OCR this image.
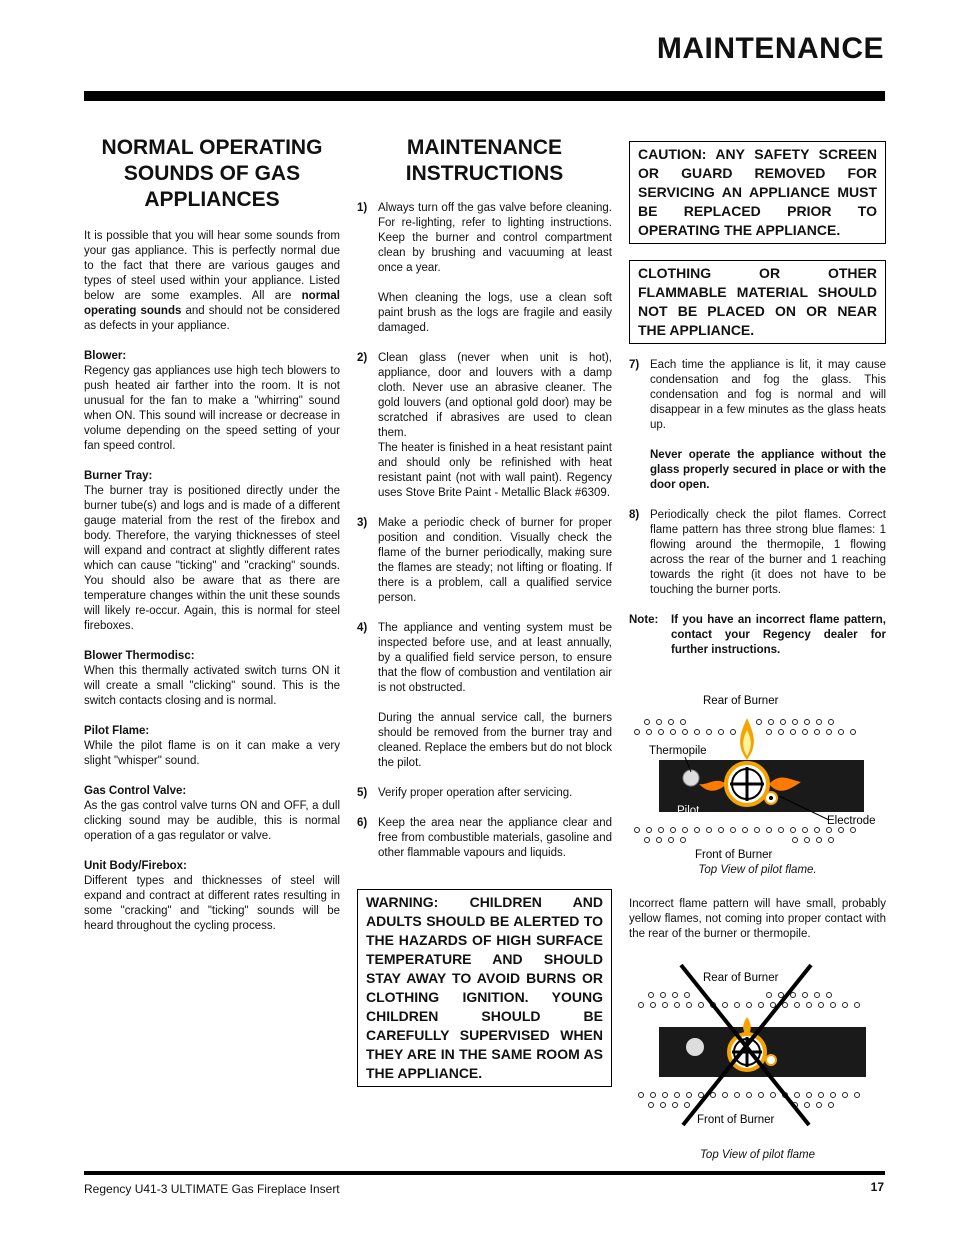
MAINTENANCE
NORMAL OPERATING SOUNDS OF GAS APPLIANCES

It is possible that you will hear some sounds from your gas appliance. This is perfectly normal due to the fact that there are various gauges and types of steel used within your appliance. Listed below are some examples. All are normal operating sounds and should not be considered as defects in your appliance.

Blower:

Regency gas appliances use high tech blowers to push heated air farther into the room. It is not unusual for the fan to make a "whirring" sound when ON. This sound will increase or decrease in volume depending on the speed setting of your fan speed control.

Burner Tray:

The burner tray is positioned directly under the burner tube(s) and logs and is made of a different gauge material from the rest of the firebox and body. Therefore, the varying thicknesses of steel will expand and contract at slightly different rates which can cause "ticking" and "cracking" sounds. You should also be aware that as there are temperature changes within the unit these sounds will likely re-occur. Again, this is normal for steel fireboxes.

Blower Thermodisc:

When this thermally activated switch turns ON it will create a small "clicking" sound. This is the switch contacts closing and is normal.

Pilot Flame:

While the pilot flame is on it can make a very slight "whisper" sound.

Gas Control Valve:

As the gas control valve turns ON and OFF, a dull clicking sound may be audible, this is normal operation of a gas regulator or valve.

Unit Body/Firebox:

Different types and thicknesses of steel will expand and contract at different rates resulting in some "cracking" and "ticking" sounds will be heard throughout the cycling process.

MAINTENANCE INSTRUCTIONS
1) Always turn off the gas valve before cleaning. For re-lighting, refer to lighting instructions. Keep the burner and control compartment clean by brushing and vacuuming at least once a year.

When cleaning the logs, use a clean soft paint brush as the logs are fragile and easily damaged.

2) Clean glass (never when unit is hot), appliance, door and louvers with a damp cloth. Never use an abrasive cleaner. The gold louvers (and optional gold door) may be scratched if abrasives are used to clean them.

The heater is finished in a heat resistant paint and should only be refinished with heat resistant paint (not with wall paint). Regency uses Stove Brite Paint - Metallic Black #6309.

3) Make a periodic check of burner for proper position and condition. Visually check the flame of the burner periodically, making sure the flames are steady; not lifting or floating. If there is a problem, call a qualified service person.

4) The appliance and venting system must be inspected before use, and at least annually, by a qualified field service person, to ensure that the flow of combustion and ventilation air is not obstructed.

During the annual service call, the burners should be removed from the burner tray and cleaned. Replace the embers but do not block the pilot.

5) Verify proper operation after servicing.

6) Keep the area near the appliance clear and free from combustible materials, gasoline and other flammable vapours and liquids.

WARNING: CHILDREN AND ADULTS SHOULD BE ALERTED TO THE HAZARDS OF HIGH SURFACE TEMPERATURE AND SHOULD STAY AWAY TO AVOID BURNS OR CLOTHING IGNITION. YOUNG CHILDREN SHOULD BE CAREFULLY SUPERVISED WHEN THEY ARE IN THE SAME ROOM AS THE APPLIANCE.
CAUTION: ANY SAFETY SCREEN OR GUARD REMOVED FOR SERVICING AN APPLIANCE MUST BE REPLACED PRIOR TO OPERATING THE APPLIANCE.
CLOTHING OR OTHER FLAMMABLE MATERIAL SHOULD NOT BE PLACED ON OR NEAR THE APPLIANCE.
7) Each time the appliance is lit, it may cause condensation and fog the glass. This condensation and fog is normal and will disappear in a few minutes as the glass heats up.

Never operate the appliance without the glass properly secured in place or with the door open.

8) Periodically check the pilot flames. Correct flame pattern has three strong blue flames: 1 flowing around the thermopile, 1 flowing across the rear of the burner and 1 reaching towards the right (it does not have to be touching the burner ports.

Note:	If you have an incorrect flame pattern, contact your Regency dealer for further instructions.
Rear of Burner
Thermopile
Pilot
Electrode
Front of Burner
Top View of pilot flame.

Incorrect flame pattern will have small, probably yellow flames, not coming into proper contact with the rear of the burner or thermopile.

Rear of Burner
Front of Burner
Top View of pilot flame
Regency U41-3 ULTIMATE Gas Fireplace Insert	17
